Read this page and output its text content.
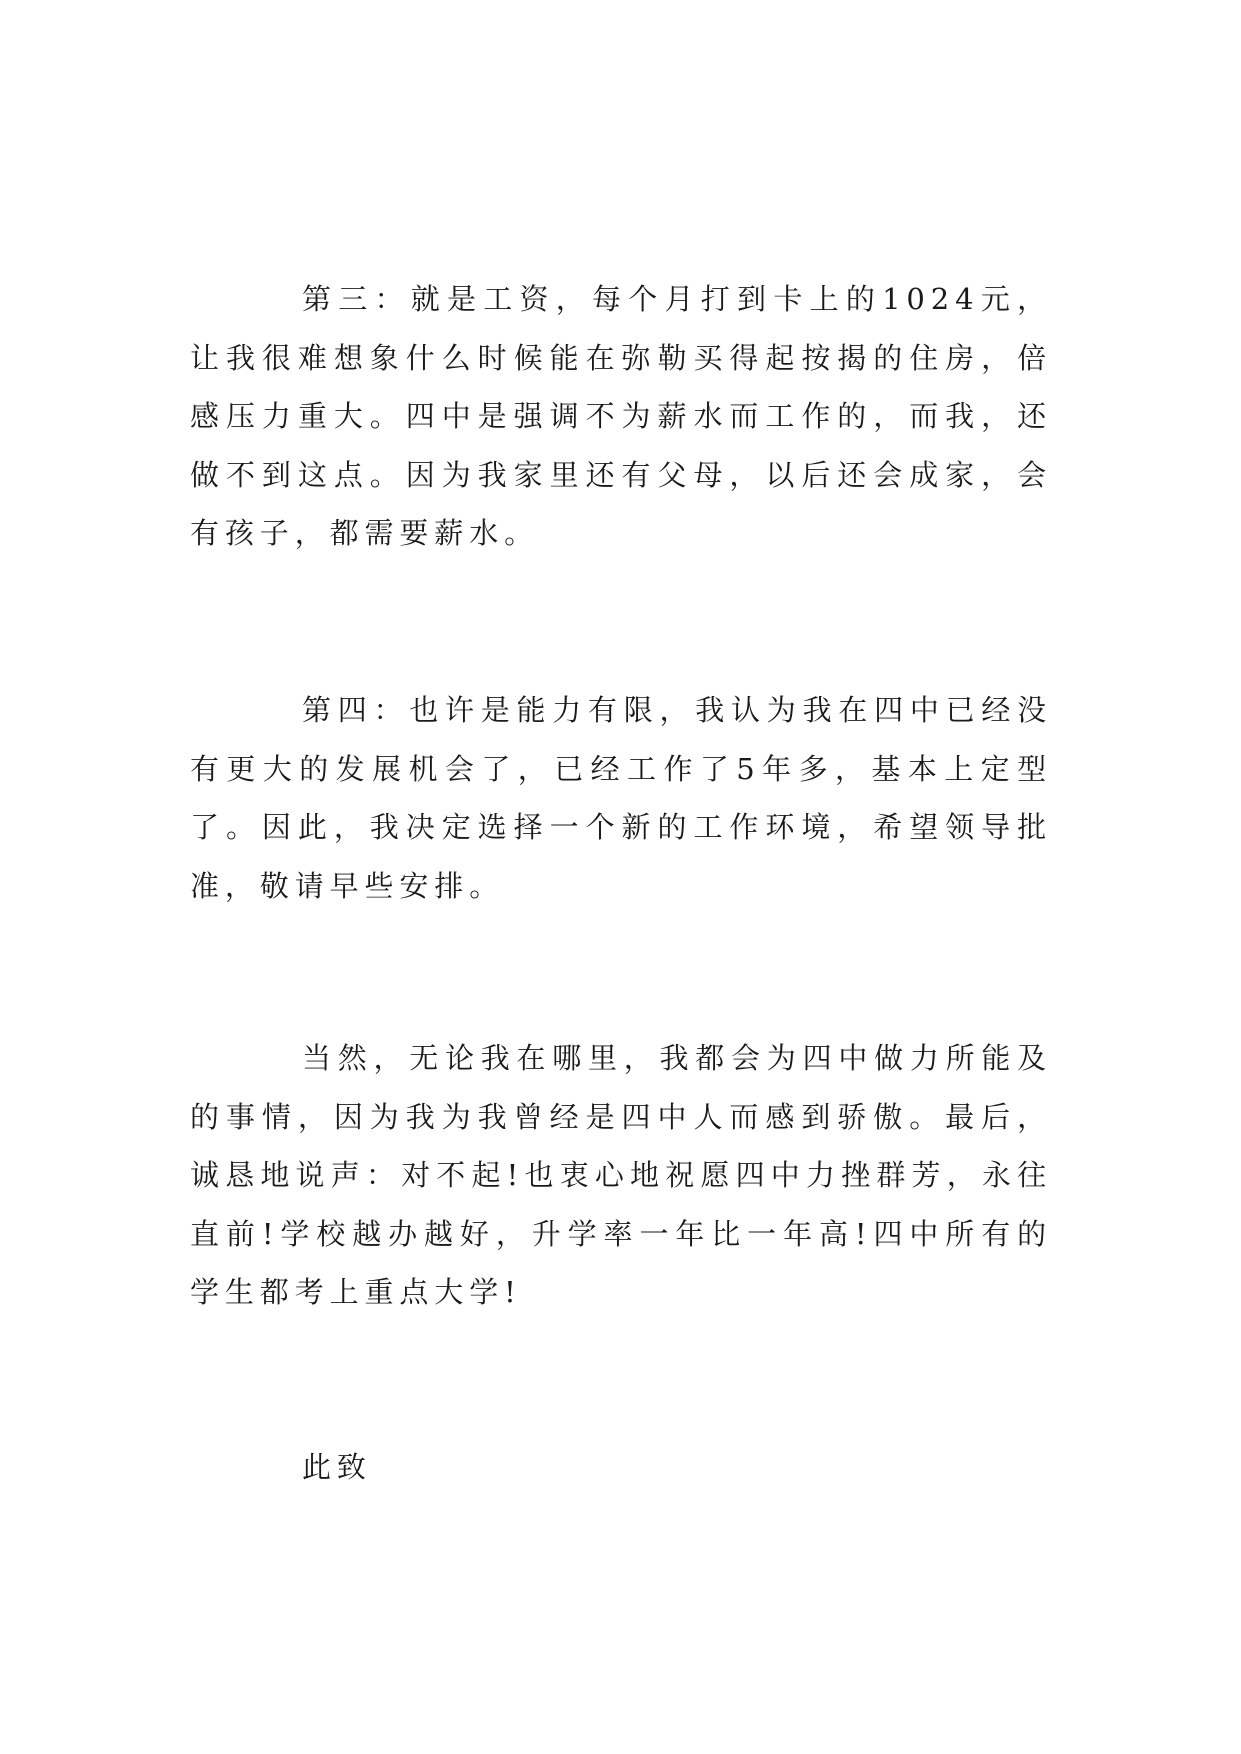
第三：就是工资，每个月打到卡上的1024元，让我很难想象什么时候能在弥勒买得起按揭的住房，倍感压力重大。四中是强调不为薪水而工作的，而我，还做不到这点。因为我家里还有父母，以后还会成家，会有孩子，都需要薪水。

第四：也许是能力有限，我认为我在四中已经没有更大的发展机会了，已经工作了5年多，基本上定型了。因此，我决定选择一个新的工作环境，希望领导批准，敬请早些安排。

当然，无论我在哪里，我都会为四中做力所能及的事情，因为我为我曾经是四中人而感到骄傲。最后，诚恳地说声：对不起!也衷心地祝愿四中力挫群芳，永往直前!学校越办越好，升学率一年比一年高!四中所有的学生都考上重点大学!

此致
